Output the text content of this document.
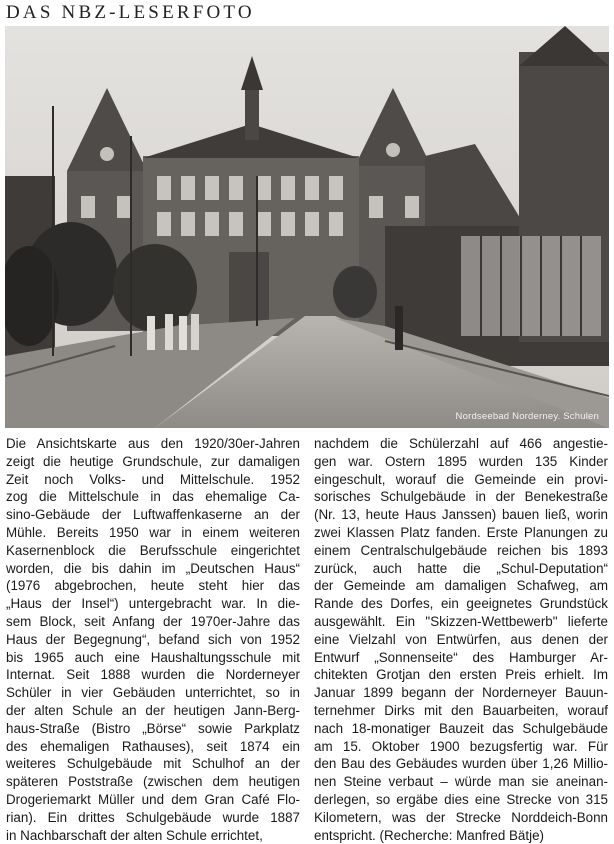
DAS NBZ-LESERFOTO
Nordseebad Norderney. Schulen
Die Ansichtskarte aus den 1920/30er-Jahren
zeigt die heutige Grundschule, zur damaligen
Zeit noch Volks- und Mittelschule. 1952
zog die Mittelschule in das ehemalige Ca-
sino-Gebäude der Luftwaffenkaserne an der
Mühle. Bereits 1950 war in einem weiteren
Kasernenblock die Berufsschule eingerichtet
worden, die bis dahin im „Deutschen Haus“
(1976 abgebrochen, heute steht hier das
„Haus der Insel“) untergebracht war. In die-
sem Block, seit Anfang der 1970er-Jahre das
Haus der Begegnung“, befand sich von 1952
bis 1965 auch eine Haushaltungsschule mit
Internat. Seit 1888 wurden die Norderneyer
Schüler in vier Gebäuden unterrichtet, so in
der alten Schule an der heutigen Jann-Berg-
haus-Straße (Bistro „Börse“ sowie Parkplatz
des ehemaligen Rathauses), seit 1874 ein
weiteres Schulgebäude mit Schulhof an der
späteren Poststraße (zwischen dem heutigen
Drogeriemarkt Müller und dem Gran Café Flo-
rian). Ein drittes Schulgebäude wurde 1887
in Nachbarschaft der alten Schule errichtet,
nachdem die Schülerzahl auf 466 angestie-
gen war. Ostern 1895 wurden 135 Kinder
eingeschult, worauf die Gemeinde ein provi-
sorisches Schulgebäude in der Benekestraße
(Nr. 13, heute Haus Janssen) bauen ließ, worin
zwei Klassen Platz fanden. Erste Planungen zu
einem Centralschulgebäude reichen bis 1893
zurück, auch hatte die „Schul-Deputation“
der Gemeinde am damaligen Schafweg, am
Rande des Dorfes, ein geeignetes Grundstück
ausgewählt. Ein "Skizzen-Wettbewerb" lieferte
eine Vielzahl von Entwürfen, aus denen der
Entwurf „Sonnenseite“ des Hamburger Ar-
chitekten Grotjan den ersten Preis erhielt. Im
Januar 1899 begann der Norderneyer Bauun-
ternehmer Dirks mit den Bauarbeiten, worauf
nach 18-monatiger Bauzeit das Schulgebäude
am 15. Oktober 1900 bezugsfertig war. Für
den Bau des Gebäudes wurden über 1,26 Millio-
nen Steine verbaut – würde man sie aneinan-
derlegen, so ergäbe dies eine Strecke von 315
Kilometern, was der Strecke Norddeich-Bonn
entspricht. (Recherche: Manfred Bätje)
